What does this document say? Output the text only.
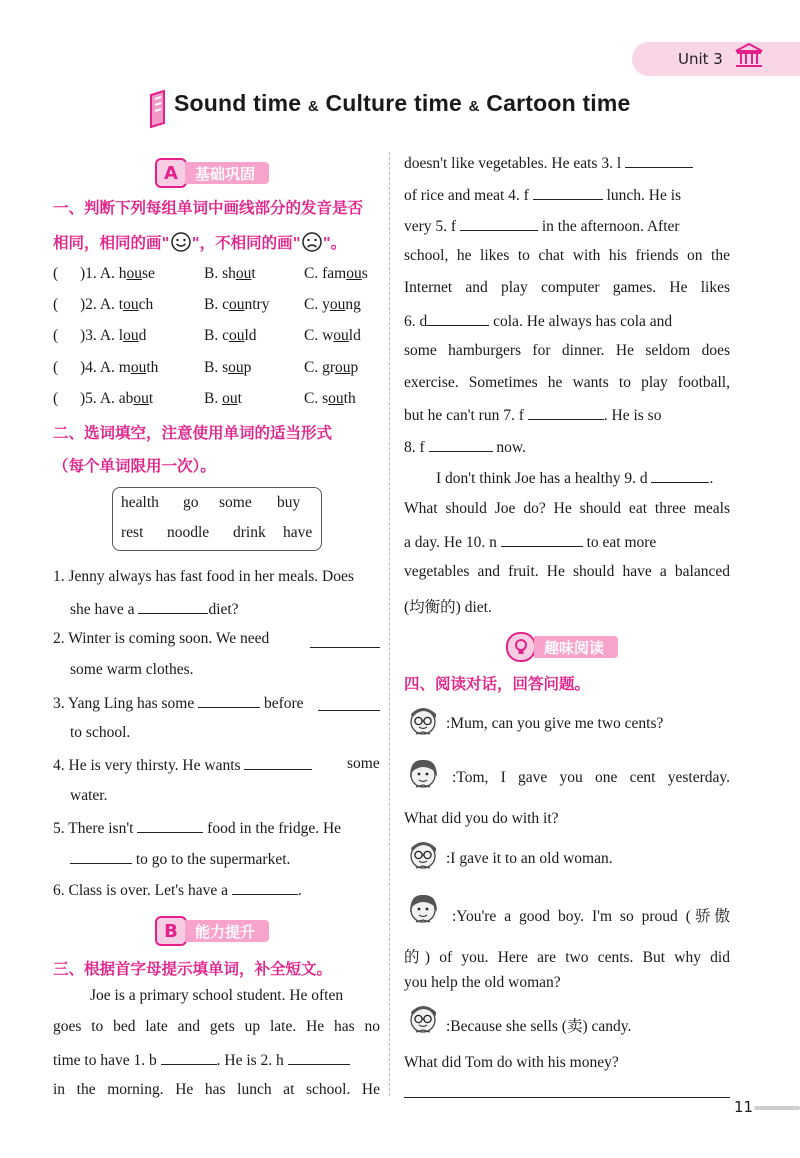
Unit 3
Sound time & Culture time & Cartoon time
A	基础巩固
一、判断下列每组单词中画线部分的发音是否
相同，相同的画" "，不相同的画" "。
( )1. A. house	B. shout	C. famous
( )2. A. touch	B. country C. young
( )3. A. loud	B. could	C. would
( )4. A. mouth	B. soup	C. group
( )5. A. about	B. out	C. south
二、选词填空，注意使用单词的适当形式
（每个单词限用一次）。
health go some buy
rest noodle drink have
1. Jenny always has fast food in her meals. Does
she have a	diet?
2. Winter is coming soon. We need
some warm clothes.
3. Yang Ling has some	before
to school.
4. He is very thirsty. He wants	some
water.
5. There isn't	food in the fridge. He
to go to the supermarket.
6. Class is over. Let's have a	.
B	能力提升
三、根据首字母提示填单词，补全短文。
Joe is a primary school student. He often
goes to bed late and gets up late. He has no
time to have 1. b	. He is 2. h
in the morning. He has lunch at school. He
doesn't like vegetables. He eats 3. l
of rice and meat 4. f	lunch. He is
very 5. f	in the afternoon. After
school, he likes to chat with his friends on the
Internet and play computer games. He likes
6. d	cola. He always has cola and
some hamburgers for dinner. He seldom does
exercise. Sometimes he wants to play football,
but he can't run 7. f	. He is so
8. f	now.
I don't think Joe has a healthy 9. d	.
What should Joe do? He should eat three meals
a day. He 10. n	to eat more
vegetables and fruit. He should have a balanced
(均衡的) diet.
趣味阅读
四、阅读对话，回答问题。
:Mum, can you give me two cents?
:Tom, I gave you one cent yesterday.
What did you do with it?
:I gave it to an old woman.
:You're a good boy. I'm so proud (骄傲
的) of you. Here are two cents. But why did
you help the old woman?
:Because she sells (卖) candy.
What did Tom do with his money?
11
